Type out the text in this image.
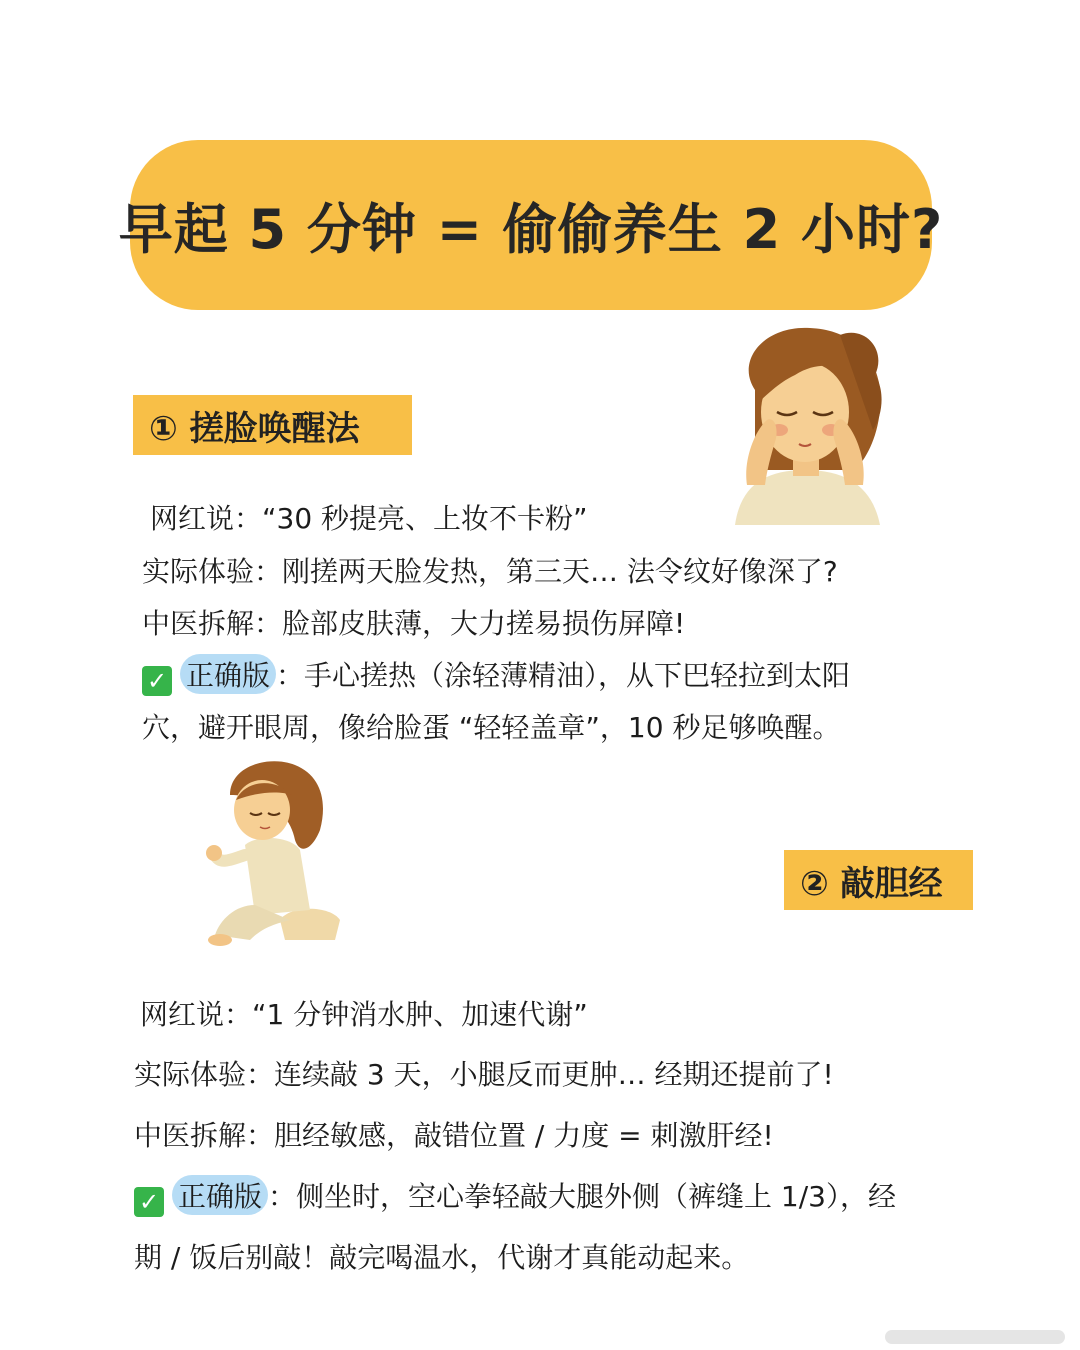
早起 5 分钟 = 偷偷养生 2 小时?
① 搓脸唤醒法
网红说：“30 秒提亮、上妆不卡粉”
实际体验：刚搓两天脸发热，第三天… 法令纹好像深了?
中医拆解：脸部皮肤薄，大力搓易损伤屏障!
✓ 正确版 ：手心搓热（涂轻薄精油），从下巴轻拉到太阳
穴，避开眼周，像给脸蛋 “轻轻盖章”，10 秒足够唤醒。
② 敲胆经
网红说：“1 分钟消水肿、加速代谢”
实际体验：连续敲 3 天，小腿反而更肿… 经期还提前了!
中医拆解：胆经敏感，敲错位置 / 力度 = 刺激肝经!
✓ 正确版 ：侧坐时，空心拳轻敲大腿外侧（裤缝上 1/3），经
期 / 饭后别敲！敲完喝温水，代谢才真能动起来。
